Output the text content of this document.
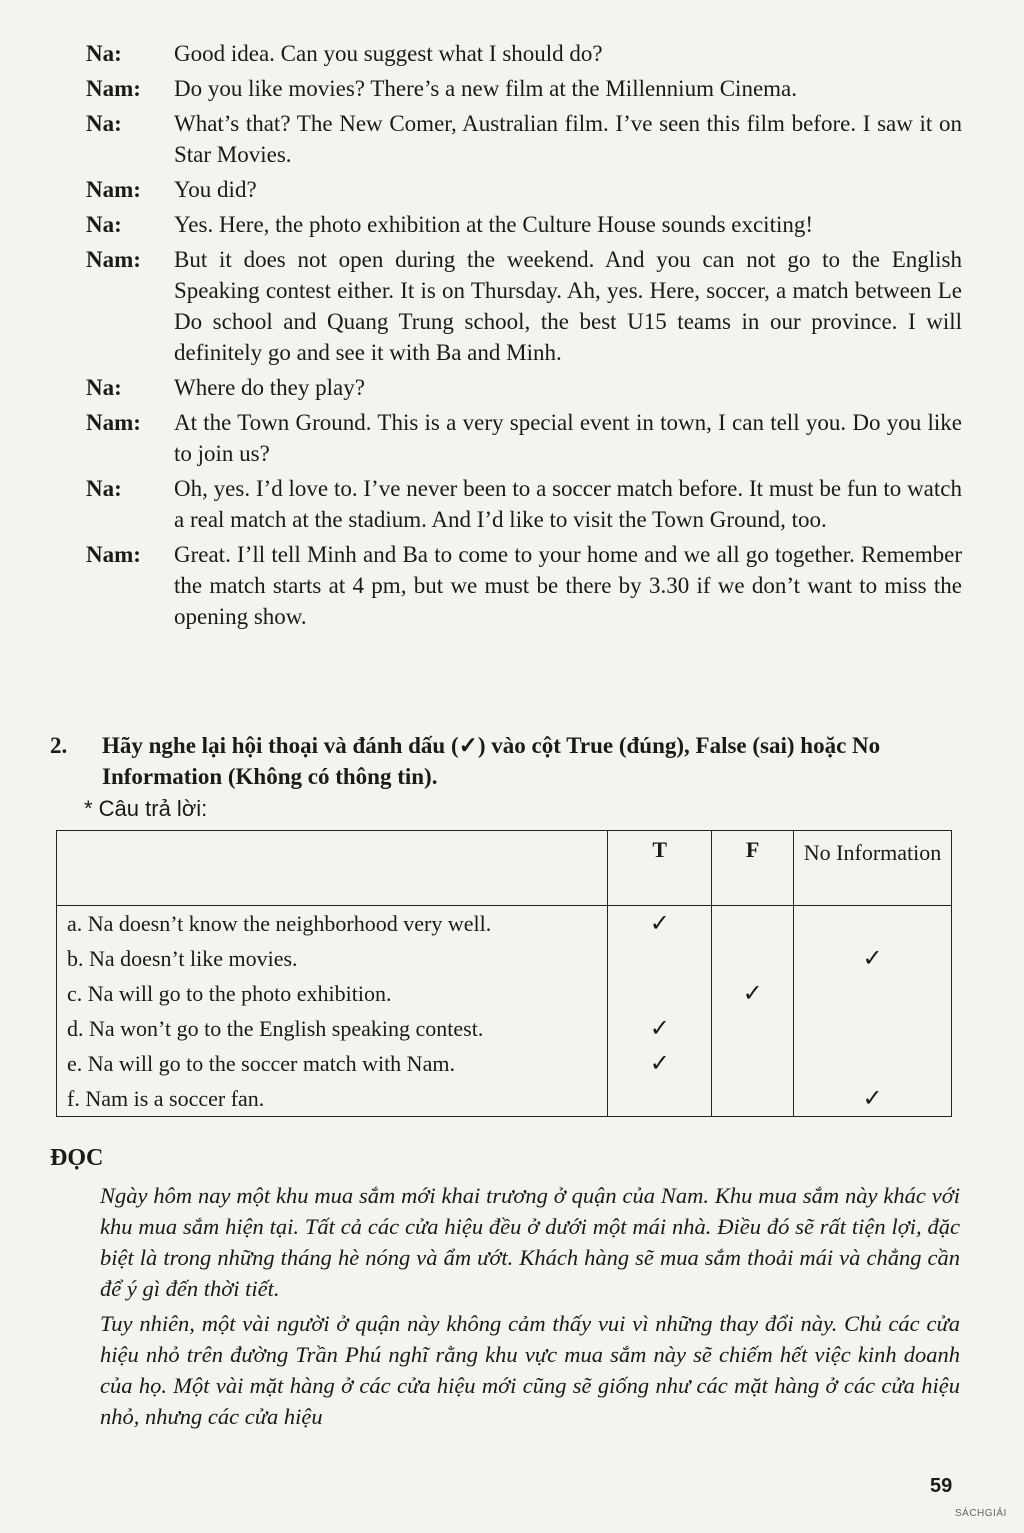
Na:	Good idea. Can you suggest what I should do?
Nam:	Do you like movies? There’s a new film at the Millennium Cinema.
Na:	What’s that? The New Comer, Australian film. I’ve seen this film before. I saw it on Star Movies.
Nam:	You did?
Na:	Yes. Here, the photo exhibition at the Culture House sounds exciting!
Nam:	But it does not open during the weekend. And you can not go to the English Speaking contest either. It is on Thursday. Ah, yes. Here, soccer, a match between Le Do school and Quang Trung school, the best U15 teams in our province. I will definitely go and see it with Ba and Minh.
Na:	Where do they play?
Nam:	At the Town Ground. This is a very special event in town, I can tell you. Do you like to join us?
Na:	Oh, yes. I’d love to. I’ve never been to a soccer match before. It must be fun to watch a real match at the stadium. And I’d like to visit the Town Ground, too.
Nam:	Great. I’ll tell Minh and Ba to come to your home and we all go together. Remember the match starts at 4 pm, but we must be there by 3.30 if we don’t want to miss the opening show.
2.	Hãy nghe lại hội thoại và đánh dấu (✓) vào cột True (đúng), False (sai) hoặc No Information (Không có thông tin).
* Câu trả lời:
	T	F	No Information
a. Na doesn’t know the neighborhood very well.	✓		
b. Na doesn’t like movies.			✓
c. Na will go to the photo exhibition.		✓	
d. Na won’t go to the English speaking contest.	✓		
e. Na will go to the soccer match with Nam.	✓		
f. Nam is a soccer fan.			✓
ĐỌC

Ngày hôm nay một khu mua sắm mới khai trương ở quận của Nam. Khu mua sắm này khác với khu mua sắm hiện tại. Tất cả các cửa hiệu đều ở dưới một mái nhà. Điều đó sẽ rất tiện lợi, đặc biệt là trong những tháng hè nóng và ẩm ướt. Khách hàng sẽ mua sắm thoải mái và chẳng cần để ý gì đến thời tiết.

Tuy nhiên, một vài người ở quận này không cảm thấy vui vì những thay đổi này. Chủ các cửa hiệu nhỏ trên đường Trần Phú nghĩ rằng khu vực mua sắm này sẽ chiếm hết việc kinh doanh của họ. Một vài mặt hàng ở các cửa hiệu mới cũng sẽ giống như các mặt hàng ở các cửa hiệu nhỏ, nhưng các cửa hiệu

59
SÁCHGIẢI
